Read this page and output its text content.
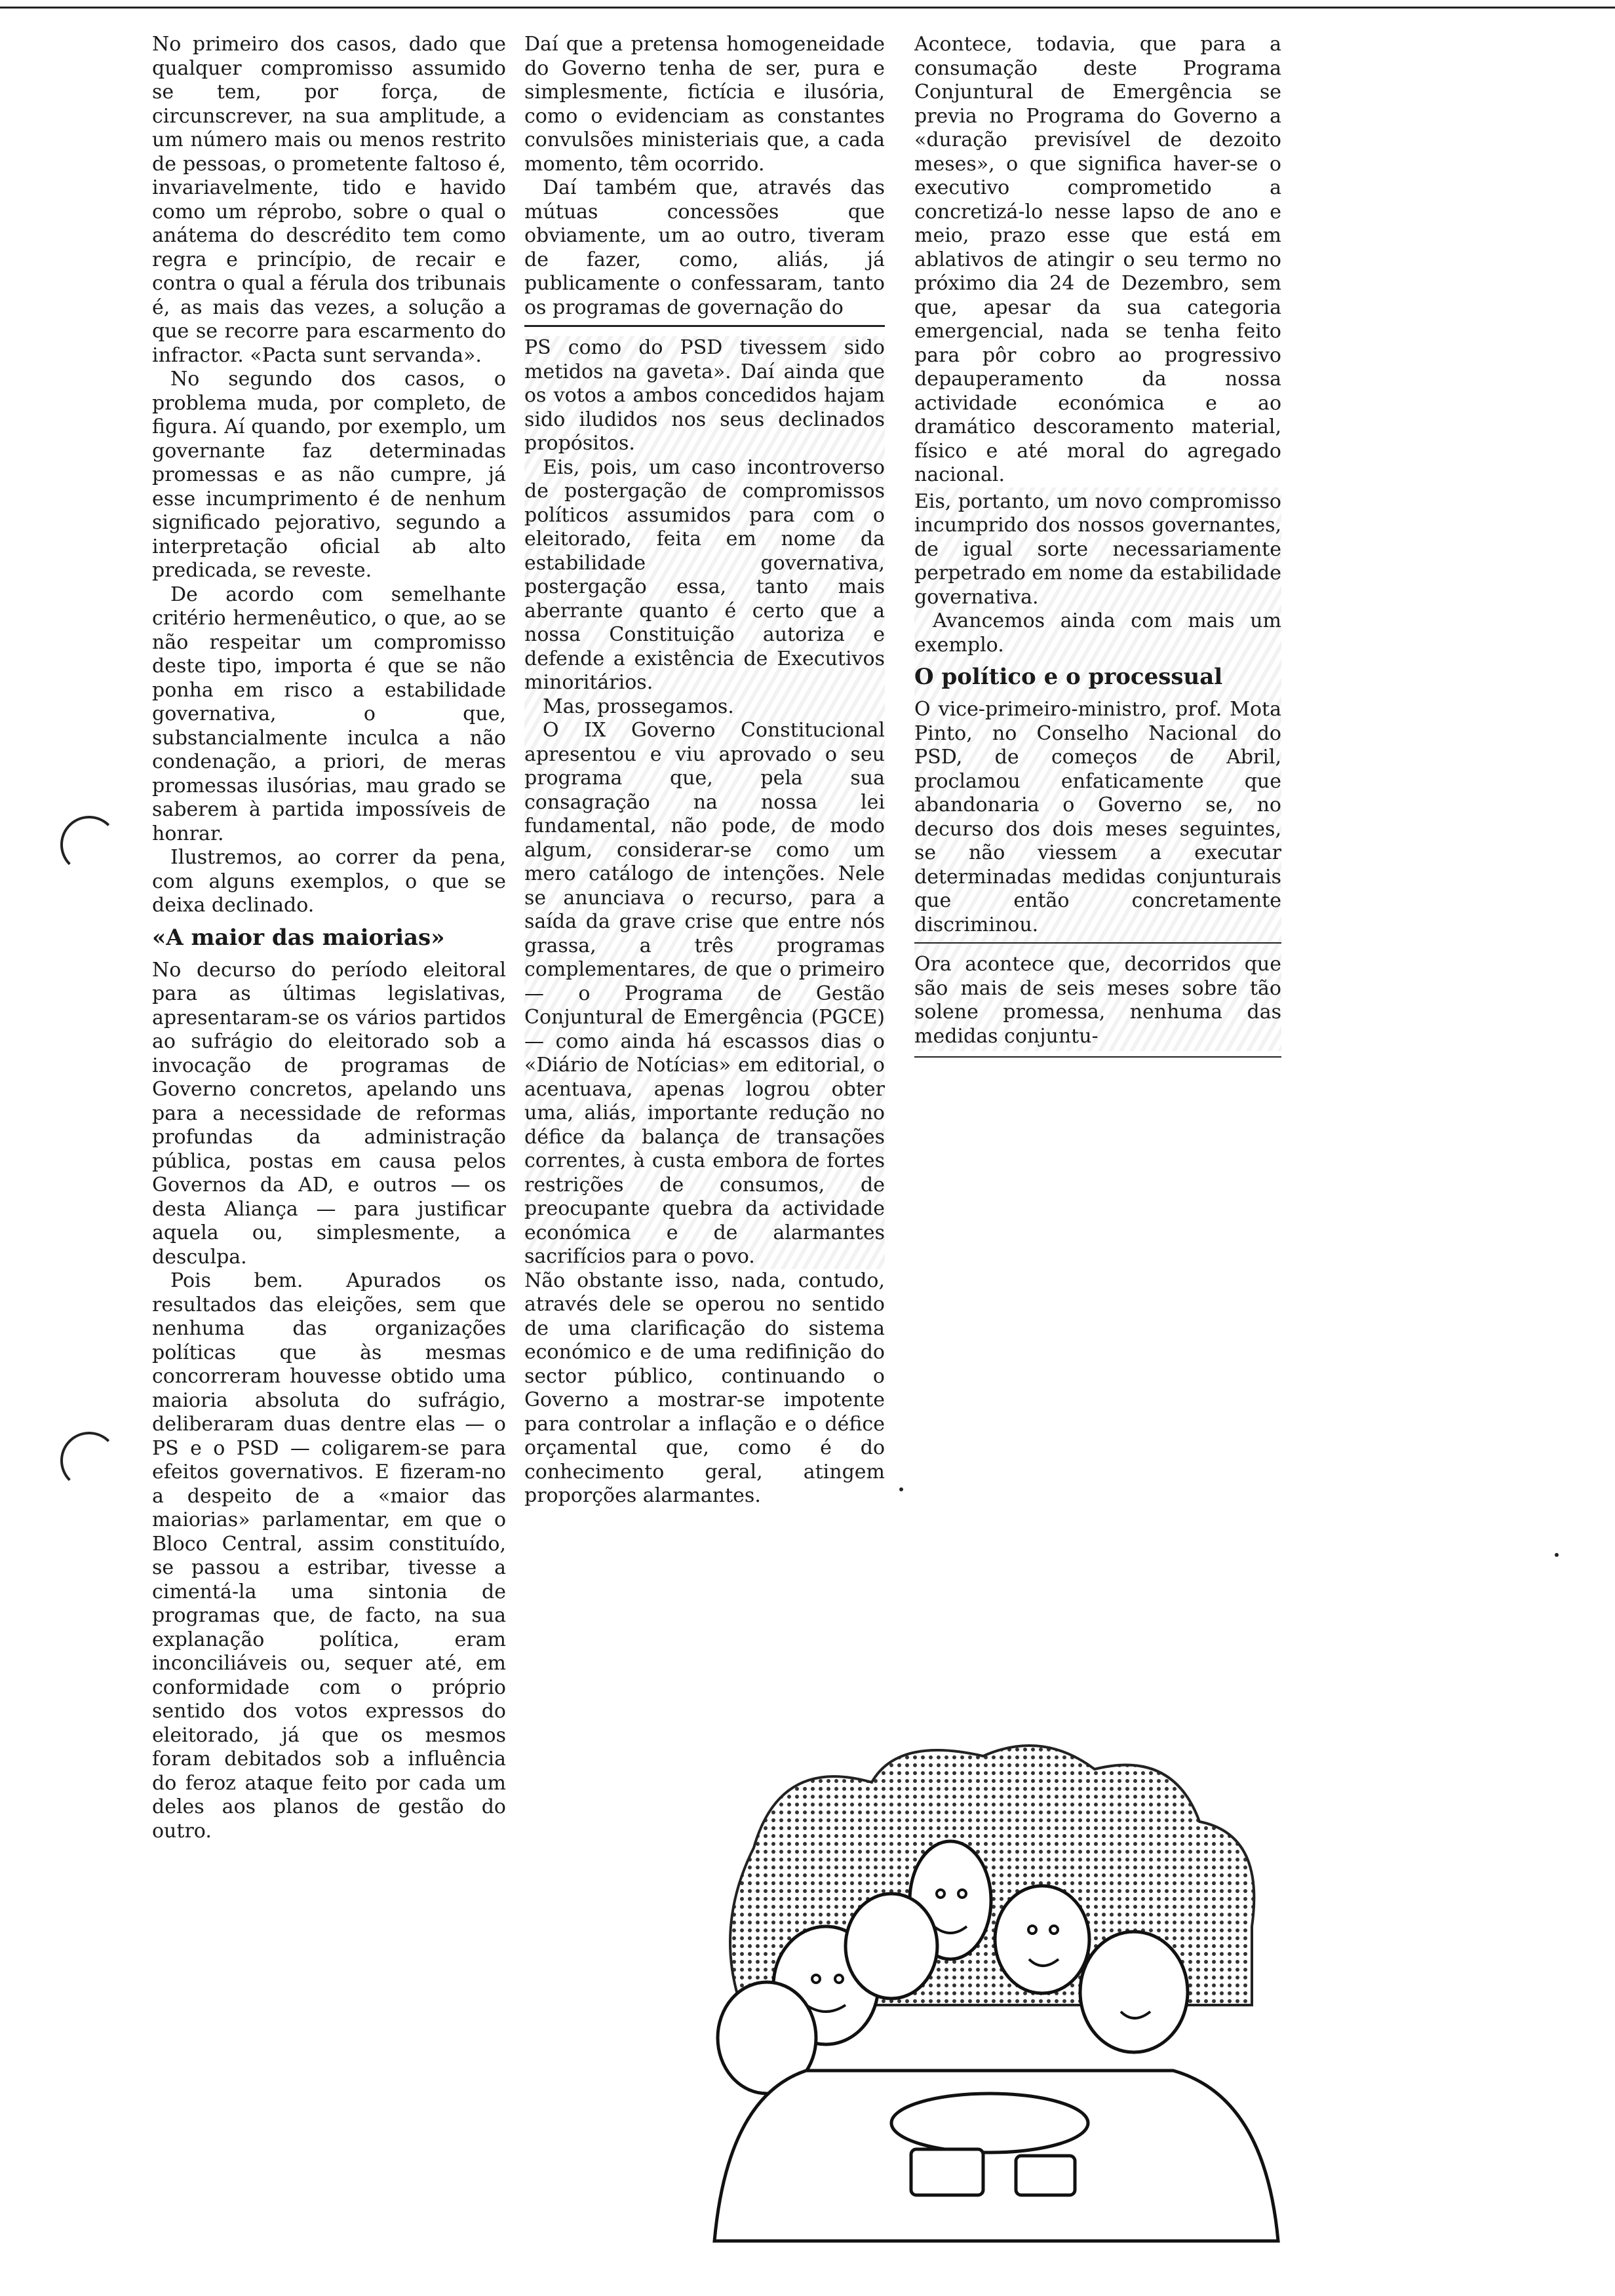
No primeiro dos casos, dado que qualquer compromisso assumido se tem, por força, de circunscrever, na sua amplitude, a um número mais ou menos restrito de pessoas, o prometente faltoso é, invariavelmente, tido e havido como um réprobo, sobre o qual o anátema do descrédito tem como regra e princípio, de recair e contra o qual a férula dos tribunais é, as mais das vezes, a solução a que se recorre para escarmento do infractor. «Pacta sunt servanda».

No segundo dos casos, o problema muda, por completo, de figura. Aí quando, por exemplo, um governante faz determinadas promessas e as não cumpre, já esse incumprimento é de nenhum significado pejorativo, segundo a interpretação oficial ab alto predicada, se reveste.

De acordo com semelhante critério hermenêutico, o que, ao se não respeitar um compromisso deste tipo, importa é que se não ponha em risco a estabilidade governativa, o que, substancialmente inculca a não condenação, a priori, de meras promessas ilusórias, mau grado se saberem à partida impossíveis de honrar.

Ilustremos, ao correr da pena, com alguns exemplos, o que se deixa declinado.

«A maior das maiorias»

No decurso do período eleitoral para as últimas legislativas, apresentaram-se os vários partidos ao sufrágio do eleitorado sob a invocação de programas de Governo concretos, apelando uns para a necessidade de reformas profundas da administração pública, postas em causa pelos Governos da AD, e outros — os desta Aliança — para justificar aquela ou, simplesmente, a desculpa.

Pois bem. Apurados os resultados das eleições, sem que nenhuma das organizações políticas que às mesmas concorreram houvesse obtido uma maioria absoluta do sufrágio, deliberaram duas dentre elas — o PS e o PSD — coligarem-se para efeitos governativos. E fizeram-no a despeito de a «maior das maiorias» parlamentar, em que o Bloco Central, assim constituído, se passou a estribar, tivesse a cimentá-la uma sintonia de programas que, de facto, na sua explanação política, eram inconciliáveis ou, sequer até, em conformidade com o próprio sentido dos votos expressos do eleitorado, já que os mesmos foram debitados sob a influência do feroz ataque feito por cada um deles aos planos de gestão do outro.

Daí que a pretensa homogeneidade do Governo tenha de ser, pura e simplesmente, fictícia e ilusória, como o evidenciam as constantes convulsões ministeriais que, a cada momento, têm ocorrido.

Daí também que, através das mútuas concessões que obviamente, um ao outro, tiveram de fazer, como, aliás, já publicamente o confessaram, tanto os programas de governação do

PS como do PSD tivessem sido metidos na gaveta». Daí ainda que os votos a ambos concedidos hajam sido iludidos nos seus declinados propósitos.

Eis, pois, um caso incontroverso de postergação de compromissos políticos assumidos para com o eleitorado, feita em nome da estabilidade governativa, postergação essa, tanto mais aberrante quanto é certo que a nossa Constituição autoriza e defende a existência de Executivos minoritários.

Mas, prossegamos.

O IX Governo Constitucional apresentou e viu aprovado o seu programa que, pela sua consagração na nossa lei fundamental, não pode, de modo algum, considerar-se como um mero catálogo de intenções. Nele se anunciava o recurso, para a saída da grave crise que entre nós grassa, a três programas complementares, de que o primeiro — o Programa de Gestão Conjuntural de Emergência (PGCE) — como ainda há escassos dias o «Diário de Notícias» em editorial, o acentuava, apenas logrou obter uma, aliás, importante redução no défice da balança de transações correntes, à custa embora de fortes restrições de consumos, de preocupante quebra da actividade económica e de alarmantes sacrifícios para o povo.

Não obstante isso, nada, contudo, através dele se operou no sentido de uma clarificação do sistema económico e de uma redifinição do sector público, continuando o Governo a mostrar-se impotente para controlar a inflação e o défice orçamental que, como é do conhecimento geral, atingem proporções alarmantes.

Acontece, todavia, que para a consumação deste Programa Conjuntural de Emergência se previa no Programa do Governo a «duração previsível de dezoito meses», o que significa haver-se o executivo comprometido a concretizá-lo nesse lapso de ano e meio, prazo esse que está em ablativos de atingir o seu termo no próximo dia 24 de Dezembro, sem que, apesar da sua categoria emergencial, nada se tenha feito para pôr cobro ao progressivo depauperamento da nossa actividade económica e ao dramático descoramento material, físico e até moral do agregado nacional.

Eis, portanto, um novo compromisso incumprido dos nossos governantes, de igual sorte necessariamente perpetrado em nome da estabilidade governativa.

Avancemos ainda com mais um exemplo.

O político e o processual

O vice-primeiro-ministro, prof. Mota Pinto, no Conselho Nacional do PSD, de começos de Abril, proclamou enfaticamente que abandonaria o Governo se, no decurso dos dois meses seguintes, se não viessem a executar determinadas medidas conjunturais que então concretamente discriminou.

Ora acontece que, decorridos que são mais de seis meses sobre tão solene promessa, nenhuma das medidas conjuntu-
